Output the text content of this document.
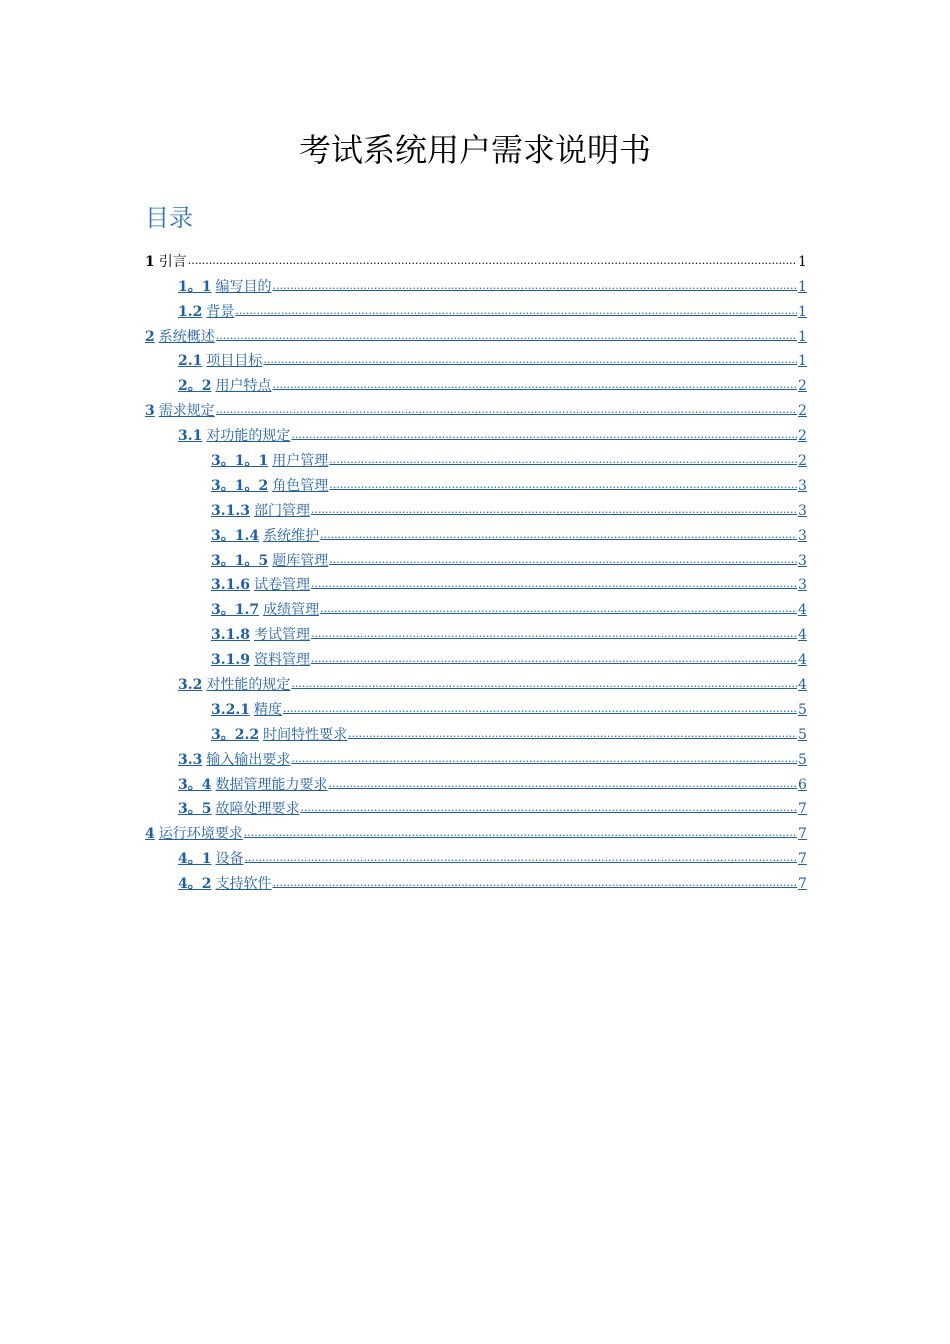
考试系统用户需求说明书
目录
1 引言 .....	1
1。1 编写目的 .....	1
1.2 背景 .....	1
2 系统概述 .....	1
2.1 项目目标 .....	1
2。2 用户特点 .....	2
3 需求规定 .....	2
3.1 对功能的规定 .....	2
3。1。1 用户管理 .....	2
3。1。2 角色管理 .....	3
3.1.3 部门管理 .....	3
3。1.4 系统维护 .....	3
3。1。5 题库管理 .....	3
3.1.6 试卷管理 .....	3
3。1.7 成绩管理 .....	4
3.1.8 考试管理 .....	4
3.1.9 资料管理 .....	4
3.2 对性能的规定 .....	4
3.2.1 精度 .....	5
3。2.2 时间特性要求 .....	5
3.3 输入输出要求 .....	5
3。4 数据管理能力要求 .....	6
3。5 故障处理要求 .....	7
4 运行环境要求 .....	7
4。1 设备 .....	7
4。2 支持软件 .....	7
